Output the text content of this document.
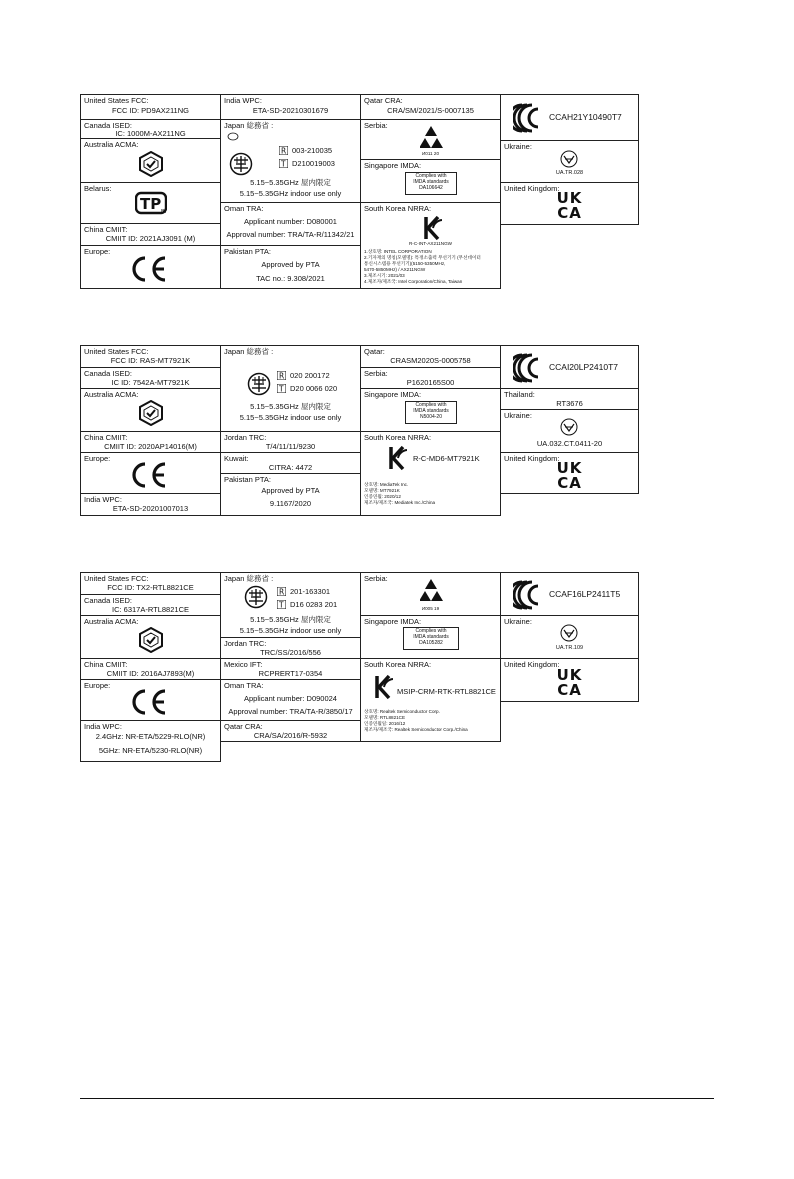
United States FCC:
FCC ID: PD9AX211NG
Canada ISED:
IC: 1000M-AX211NG
Australia ACMA:
Belarus:
China CMIIT:
CMIIT ID: 2021AJ3091 (M)
Europe:
India WPC:
ETA-SD-20210301679
Japan 総務省 :
003-210035
D210019003
5.15~5.35GHz 屋内限定
5.15~5.35GHz indoor use only
Oman TRA:
Applicant number: D080001
Approval number: TRA/TA-R/11342/21
Pakistan PTA:
Approved by PTA
TAC no.: 9.308/2021
Qatar CRA:
CRA/SM/2021/S-0007135
Serbia:
И011 20
Singapore IMDA:
Complies with
IMDA standards
DA106642
South Korea NRRA:
R-C-INT-AX211NGW
1.상호명: INTEL CORPORATION
2.기자재의 명칭(모델명): 특정소출력 무선기기 (무선데이터
통신시스템용 무선기기)(5150-5350MHz,
5470-5850MHz) / AX211NGW
3.제조시기: 2021/03
4.제조자/제조국: Intel Corporation/China, Taiwan
CCAH21Y10490T7
Ukraine:
UA.TR.028
United Kingdom:
UK
CA
United States FCC:
FCC ID: RAS-MT7921K
Canada ISED:
IC ID: 7542A-MT7921K
Australia ACMA:
China CMIIT:
CMIIT ID: 2020AP14016(M)
Europe:
India WPC:
ETA-SD-20201007013
Japan 総務省 :
020 200172
D20 0066 020
5.15~5.35GHz 屋内限定
5.15~5.35GHz indoor use only
Jordan TRC:
T/4/11/11/9230
Kuwait:
CITRA: 4472
Pakistan PTA:
Approved by PTA
9.1167/2020
Qatar:
CRASM2020S-0005758
Serbia:
P1620165S00
Singapore IMDA:
Complies with
IMDA standards
N5004-20
South Korea NRRA:
R-C-MD6-MT7921K
상호명: MediaTek Inc.
모델명: MT7921K
인증연월: 2020/12
제조자/제조국: Mediatek Inc./China
CCAI20LP2410T7
Thailand:
RT3676
Ukraine:
UA.032.CT.0411-20
United Kingdom:
UK
CA
United States FCC:
FCC ID: TX2-RTL8821CE
Canada ISED:
IC: 6317A-RTL8821CE
Australia ACMA:
China CMIIT:
CMIIT ID: 2016AJ7893(M)
Europe:
India WPC:
2.4GHz: NR-ETA/5229-RLO(NR)
5GHz: NR-ETA/5230-RLO(NR)
Japan 総務省 :
201-163301
D16 0283 201
5.15~5.35GHz 屋内限定
5.15~5.35GHz indoor use only
Jordan TRC:
TRC/SS/2016/556
Mexico IFT:
RCPRERT17-0354
Oman TRA:
Applicant number: D090024
Approval number: TRA/TA-R/3850/17
Qatar CRA:
CRA/SA/2016/R-5932
Serbia:
И005 19
Singapore IMDA:
Complies with
IMDA standards
DA105282
South Korea NRRA:
MSIP-CRM-RTK-RTL8821CE
상호명: Realtek Semiconductor Corp.
모델명: RTL8821CE
인증연월일: 2016/12
제조자/제조국: Realtek Semiconductor Corp./China
CCAF16LP2411T5
Ukraine:
UA.TR.109
United Kingdom:
UK
CA
